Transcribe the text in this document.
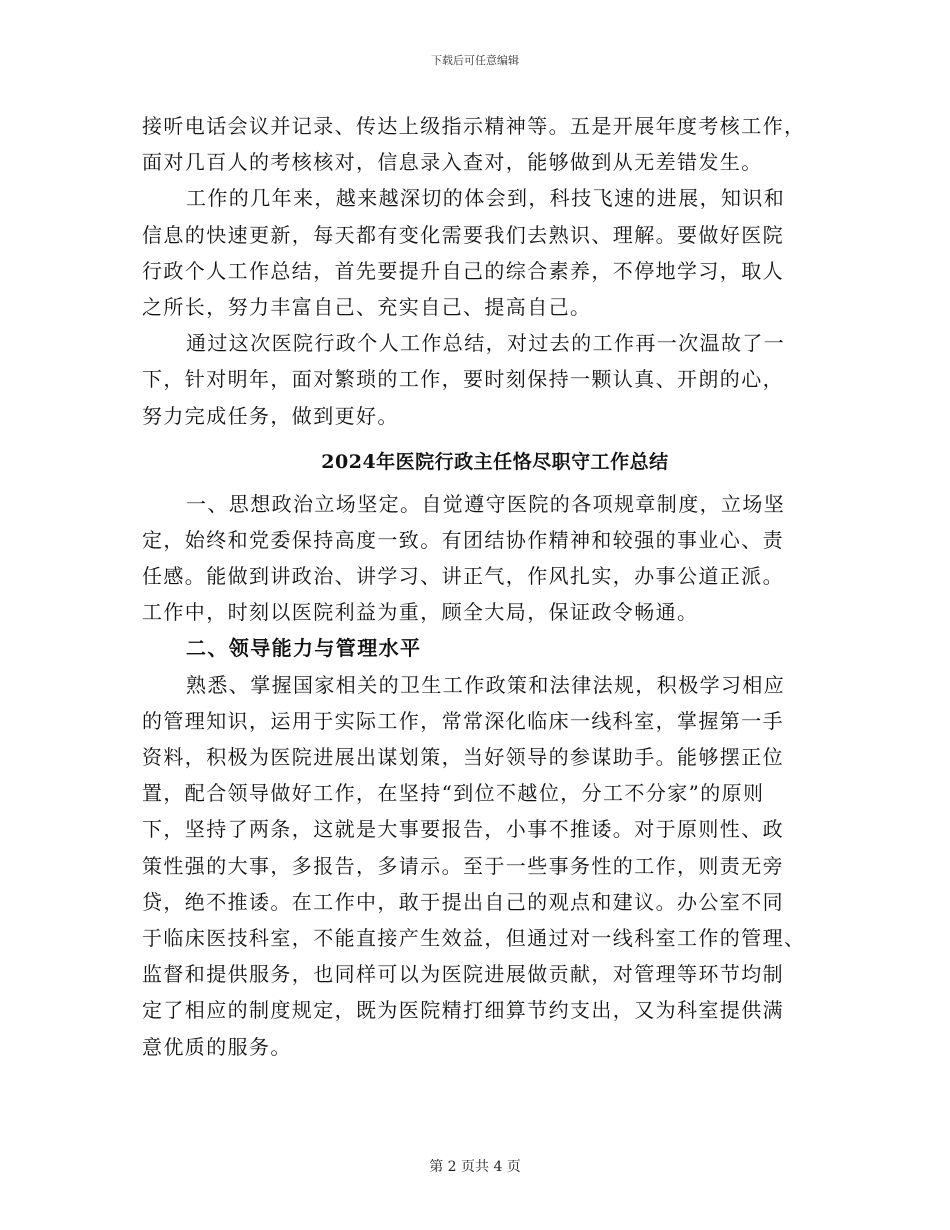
下载后可任意编辑
接听电话会议并记录、传达上级指示精神等。五是开展年度考核工作，
面对几百人的考核核对，信息录入查对，能够做到从无差错发生。
工作的几年来，越来越深切的体会到，科技飞速的进展，知识和
信息的快速更新，每天都有变化需要我们去熟识、理解。要做好医院
行政个人工作总结，首先要提升自己的综合素养，不停地学习，取人
之所长，努力丰富自己、充实自己、提高自己。
通过这次医院行政个人工作总结，对过去的工作再一次温故了一
下，针对明年，面对繁琐的工作，要时刻保持一颗认真、开朗的心，
努力完成任务，做到更好。
2024年医院行政主任恪尽职守工作总结
一、思想政治立场坚定。自觉遵守医院的各项规章制度，立场坚
定，始终和党委保持高度一致。有团结协作精神和较强的事业心、责
任感。能做到讲政治、讲学习、讲正气，作风扎实，办事公道正派。
工作中，时刻以医院利益为重，顾全大局，保证政令畅通。
二、领导能力与管理水平
熟悉、掌握国家相关的卫生工作政策和法律法规，积极学习相应
的管理知识，运用于实际工作，常常深化临床一线科室，掌握第一手
资料，积极为医院进展出谋划策，当好领导的参谋助手。能够摆正位
置，配合领导做好工作，在坚持“到位不越位，分工不分家”的原则
下，坚持了两条，这就是大事要报告，小事不推诿。对于原则性、政
策性强的大事，多报告，多请示。至于一些事务性的工作，则责无旁
贷，绝不推诿。在工作中，敢于提出自己的观点和建议。办公室不同
于临床医技科室，不能直接产生效益，但通过对一线科室工作的管理、
监督和提供服务，也同样可以为医院进展做贡献，对管理等环节均制
定了相应的制度规定，既为医院精打细算节约支出，又为科室提供满
意优质的服务。
第 2 页共 4 页
